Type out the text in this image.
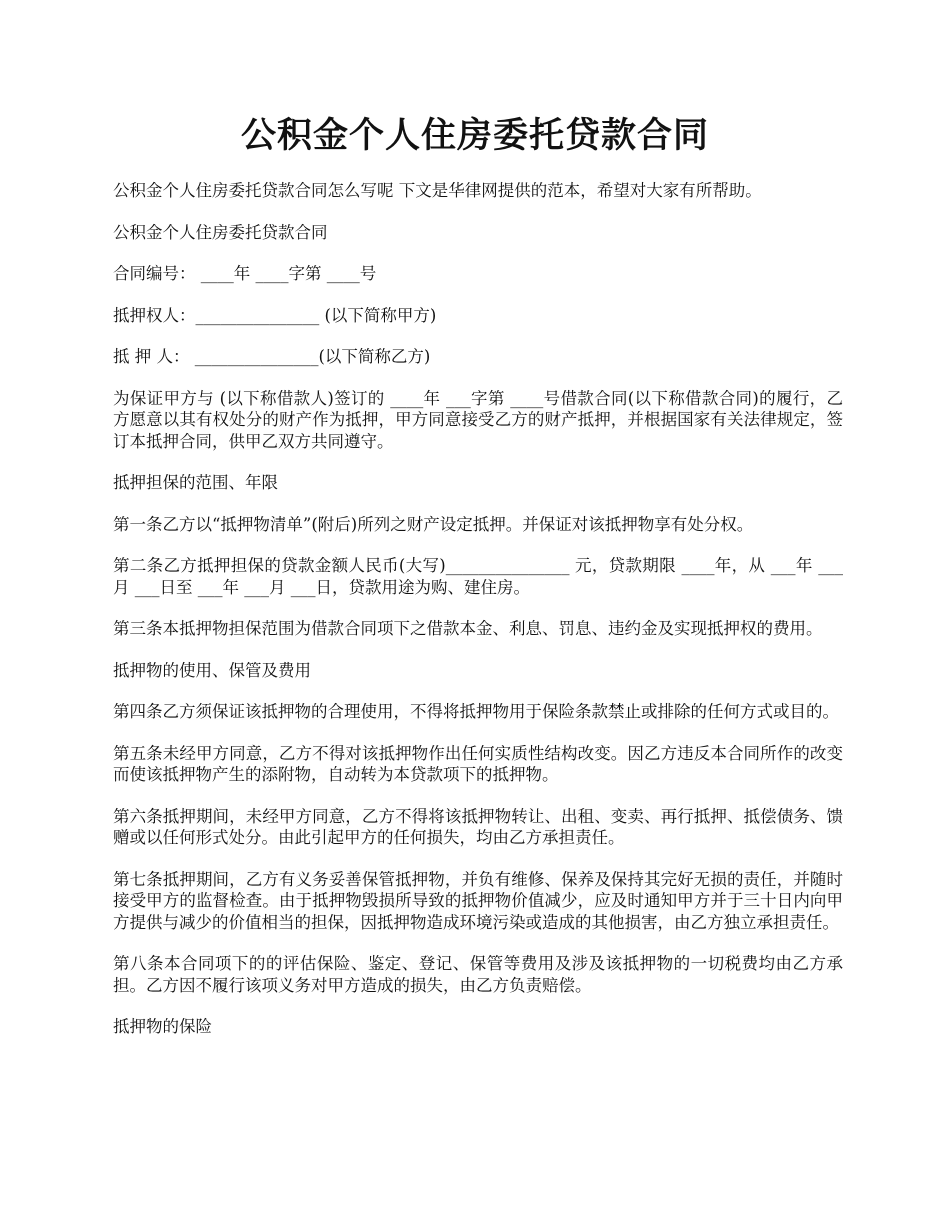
公积金个人住房委托贷款合同

公积金个人住房委托贷款合同怎么写呢 下文是华律网提供的范本，希望对大家有所帮助。

公积金个人住房委托贷款合同

合同编号： ____年 ____字第 ____号

抵押权人：_______________ (以下简称甲方)

抵 押 人： _______________(以下简称乙方)

为保证甲方与 (以下称借款人)签订的 ____年 ___字第 ____号借款合同(以下称借款合同)的履行，乙方愿意以其有权处分的财产作为抵押，甲方同意接受乙方的财产抵押，并根据国家有关法律规定，签订本抵押合同，供甲乙双方共同遵守。

抵押担保的范围、年限

第一条乙方以“抵押物清单”(附后)所列之财产设定抵押。并保证对该抵押物享有处分权。

第二条乙方抵押担保的贷款金额人民币(大写)_______________ 元，贷款期限 ____年，从 ___年 ___月 ___日至 ___年 ___月 ___日，贷款用途为购、建住房。

第三条本抵押物担保范围为借款合同项下之借款本金、利息、罚息、违约金及实现抵押权的费用。

抵押物的使用、保管及费用

第四条乙方须保证该抵押物的合理使用，不得将抵押物用于保险条款禁止或排除的任何方式或目的。

第五条未经甲方同意，乙方不得对该抵押物作出任何实质性结构改变。因乙方违反本合同所作的改变而使该抵押物产生的添附物，自动转为本贷款项下的抵押物。

第六条抵押期间，未经甲方同意，乙方不得将该抵押物转让、出租、变卖、再行抵押、抵偿债务、馈赠或以任何形式处分。由此引起甲方的任何损失，均由乙方承担责任。

第七条抵押期间，乙方有义务妥善保管抵押物，并负有维修、保养及保持其完好无损的责任，并随时接受甲方的监督检查。由于抵押物毁损所导致的抵押物价值减少，应及时通知甲方并于三十日内向甲方提供与减少的价值相当的担保，因抵押物造成环境污染或造成的其他损害，由乙方独立承担责任。

第八条本合同项下的的评估保险、鉴定、登记、保管等费用及涉及该抵押物的一切税费均由乙方承担。乙方因不履行该项义务对甲方造成的损失，由乙方负责赔偿。

抵押物的保险
